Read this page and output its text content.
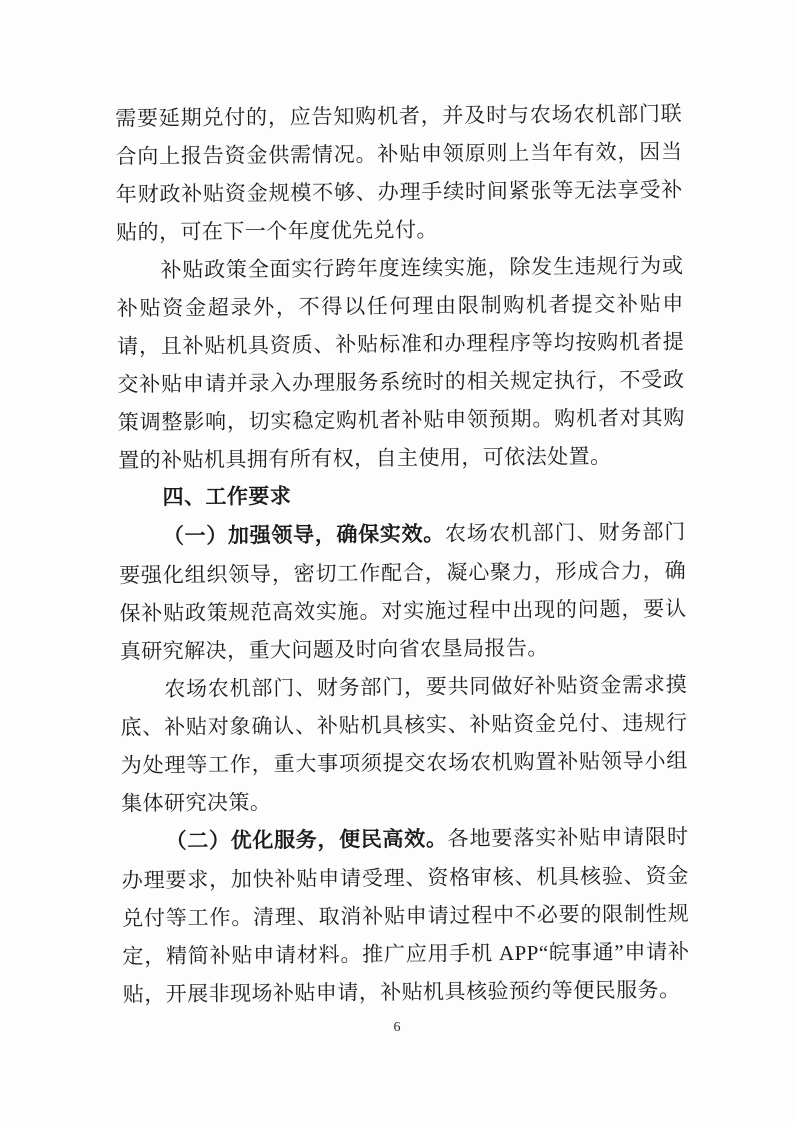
需要延期兑付的，应告知购机者，并及时与农场农机部门联合向上报告资金供需情况。补贴申领原则上当年有效，因当年财政补贴资金规模不够、办理手续时间紧张等无法享受补贴的，可在下一个年度优先兑付。

补贴政策全面实行跨年度连续实施，除发生违规行为或补贴资金超录外，不得以任何理由限制购机者提交补贴申请，且补贴机具资质、补贴标准和办理程序等均按购机者提交补贴申请并录入办理服务系统时的相关规定执行，不受政策调整影响，切实稳定购机者补贴申领预期。购机者对其购置的补贴机具拥有所有权，自主使用，可依法处置。

四、工作要求

（一）加强领导，确保实效。农场农机部门、财务部门要强化组织领导，密切工作配合，凝心聚力，形成合力，确保补贴政策规范高效实施。对实施过程中出现的问题，要认真研究解决，重大问题及时向省农垦局报告。

农场农机部门、财务部门，要共同做好补贴资金需求摸底、补贴对象确认、补贴机具核实、补贴资金兑付、违规行为处理等工作，重大事项须提交农场农机购置补贴领导小组集体研究决策。

（二）优化服务，便民高效。各地要落实补贴申请限时办理要求，加快补贴申请受理、资格审核、机具核验、资金兑付等工作。清理、取消补贴申请过程中不必要的限制性规定，精简补贴申请材料。推广应用手机 APP“皖事通”申请补贴，开展非现场补贴申请，补贴机具核验预约等便民服务。

6
